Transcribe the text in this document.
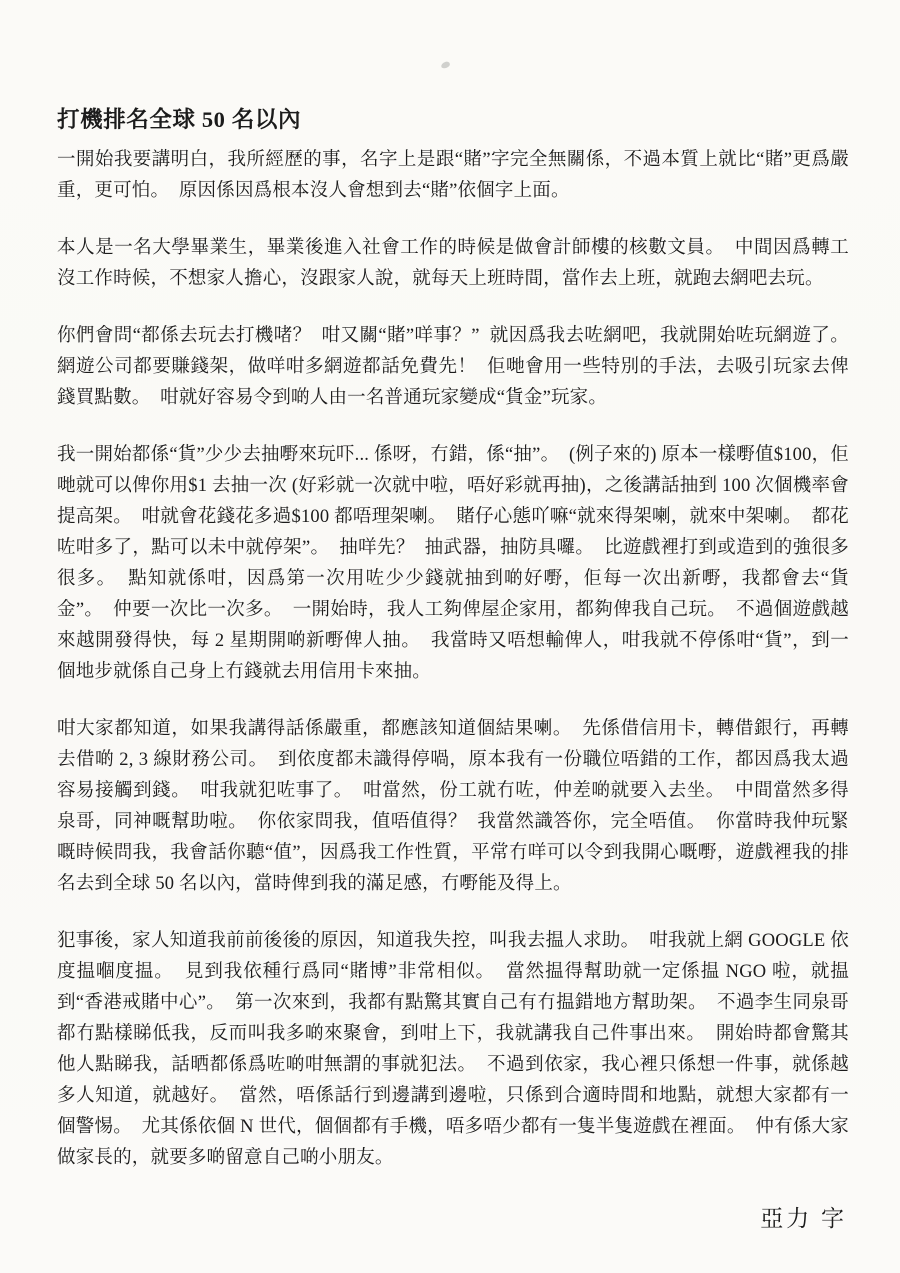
打機排名全球 50 名以內

一開始我要講明白，我所經歷的事，名字上是跟“賭”字完全無關係，不過本質上就比“賭”更爲嚴重，更可怕。  原因係因爲根本沒人會想到去“賭”依個字上面。

本人是一名大學畢業生，畢業後進入社會工作的時候是做會計師樓的核數文員。  中間因爲轉工沒工作時候，不想家人擔心，沒跟家人說，就每天上班時間，當作去上班，就跑去網吧去玩。

你們會問“都係去玩去打機啫？  咁又關“賭”咩事？”  就因爲我去咗網吧，我就開始咗玩網遊了。  網遊公司都要賺錢架，做咩咁多網遊都話免費先！  佢哋會用一些特別的手法，去吸引玩家去俾錢買點數。  咁就好容易令到啲人由一名普通玩家變成“貨金”玩家。

我一開始都係“貨”少少去抽嘢來玩吓... 係呀，冇錯，係“抽”。  (例子來的) 原本一樣嘢值$100，佢哋就可以俾你用$1 去抽一次 (好彩就一次就中啦，唔好彩就再抽)，之後講話抽到 100 次個機率會提高架。  咁就會花錢花多過$100 都唔理架喇。  賭仔心態吖嘛“就來得架喇，就來中架喇。  都花咗咁多了，點可以未中就停架”。  抽咩先？  抽武器，抽防具囉。  比遊戲裡打到或造到的強很多很多。  點知就係咁，因爲第一次用咗少少錢就抽到啲好嘢，佢每一次出新嘢，我都會去“貨金”。  仲要一次比一次多。  一開始時，我人工夠俾屋企家用，都夠俾我自己玩。  不過個遊戲越來越開發得快，每 2 星期開啲新嘢俾人抽。  我當時又唔想輸俾人，咁我就不停係咁“貨”，到一個地步就係自己身上冇錢就去用信用卡來抽。

咁大家都知道，如果我講得話係嚴重，都應該知道個結果喇。  先係借信用卡，轉借銀行，再轉去借啲 2, 3 線財務公司。  到依度都未識得停喎，原本我有一份職位唔錯的工作，都因爲我太過容易接觸到錢。  咁我就犯咗事了。  咁當然，份工就冇咗，仲差啲就要入去坐。  中間當然多得泉哥，同神嘅幫助啦。  你依家問我，值唔值得？  我當然識答你，完全唔值。  你當時我仲玩緊嘅時候問我，我會話你聽“值”，因爲我工作性質，平常冇咩可以令到我開心嘅嘢，遊戲裡我的排名去到全球 50 名以內，當時俾到我的滿足感，冇嘢能及得上。

犯事後，家人知道我前前後後的原因，知道我失控，叫我去揾人求助。  咁我就上網 GOOGLE 依度揾嗰度揾。  見到我依種行爲同“賭博”非常相似。  當然揾得幫助就一定係揾 NGO 啦，就揾到“香港戒賭中心”。  第一次來到，我都有點驚其實自己有冇揾錯地方幫助架。  不過李生同泉哥都冇點樣睇低我，反而叫我多啲來聚會，到咁上下，我就講我自己件事出來。  開始時都會驚其他人點睇我，話晒都係爲咗啲咁無謂的事就犯法。  不過到依家，我心裡只係想一件事，就係越多人知道，就越好。  當然，唔係話行到邊講到邊啦，只係到合適時間和地點，就想大家都有一個警惕。  尤其係依個 N 世代，個個都有手機，唔多唔少都有一隻半隻遊戲在裡面。  仲有係大家做家長的，就要多啲留意自己啲小朋友。

亞力 字
